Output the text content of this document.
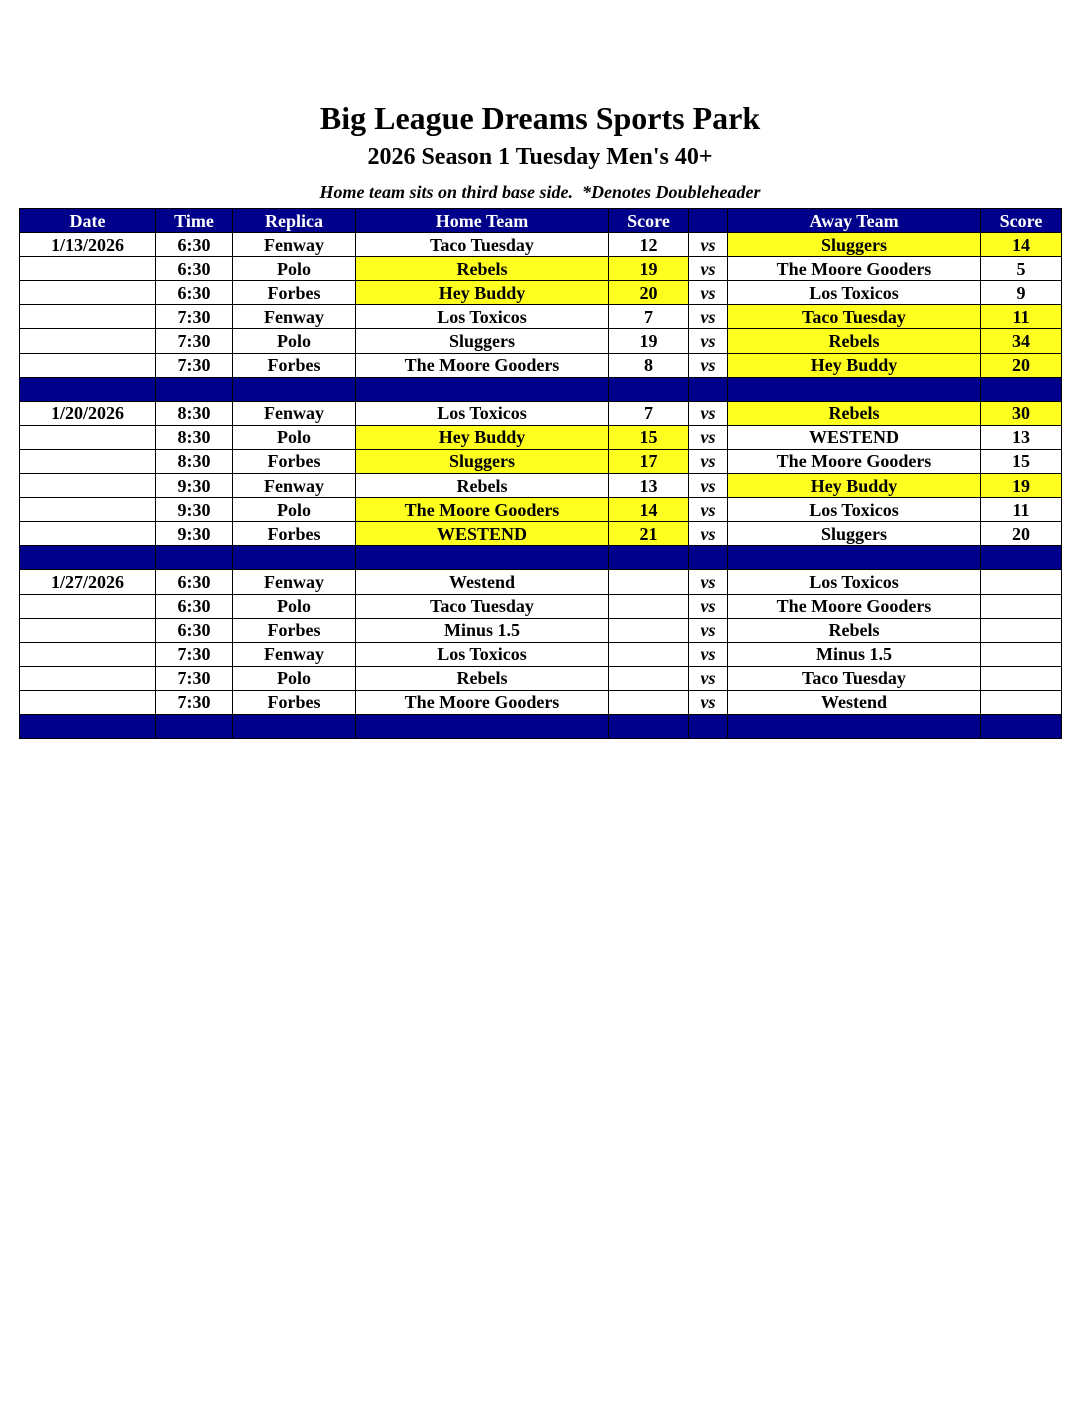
Big League Dreams Sports Park
2026 Season 1 Tuesday Men's 40+
Home team sits on third base side.  *Denotes Doubleheader
Date	Time	Replica	Home Team	Score		Away Team	Score
1/13/2026	6:30	Fenway	Taco Tuesday	12	vs	Sluggers	14
	6:30	Polo	Rebels	19	vs	The Moore Gooders	5
	6:30	Forbes	Hey Buddy	20	vs	Los Toxicos	9
	7:30	Fenway	Los Toxicos	7	vs	Taco Tuesday	11
	7:30	Polo	Sluggers	19	vs	Rebels	34
	7:30	Forbes	The Moore Gooders	8	vs	Hey Buddy	20

1/20/2026	8:30	Fenway	Los Toxicos	7	vs	Rebels	30
	8:30	Polo	Hey Buddy	15	vs	WESTEND	13
	8:30	Forbes	Sluggers	17	vs	The Moore Gooders	15
	9:30	Fenway	Rebels	13	vs	Hey Buddy	19
	9:30	Polo	The Moore Gooders	14	vs	Los Toxicos	11
	9:30	Forbes	WESTEND	21	vs	Sluggers	20

1/27/2026	6:30	Fenway	Westend		vs	Los Toxicos	
	6:30	Polo	Taco Tuesday		vs	The Moore Gooders	
	6:30	Forbes	Minus 1.5		vs	Rebels	
	7:30	Fenway	Los Toxicos		vs	Minus 1.5	
	7:30	Polo	Rebels		vs	Taco Tuesday	
	7:30	Forbes	The Moore Gooders		vs	Westend	
